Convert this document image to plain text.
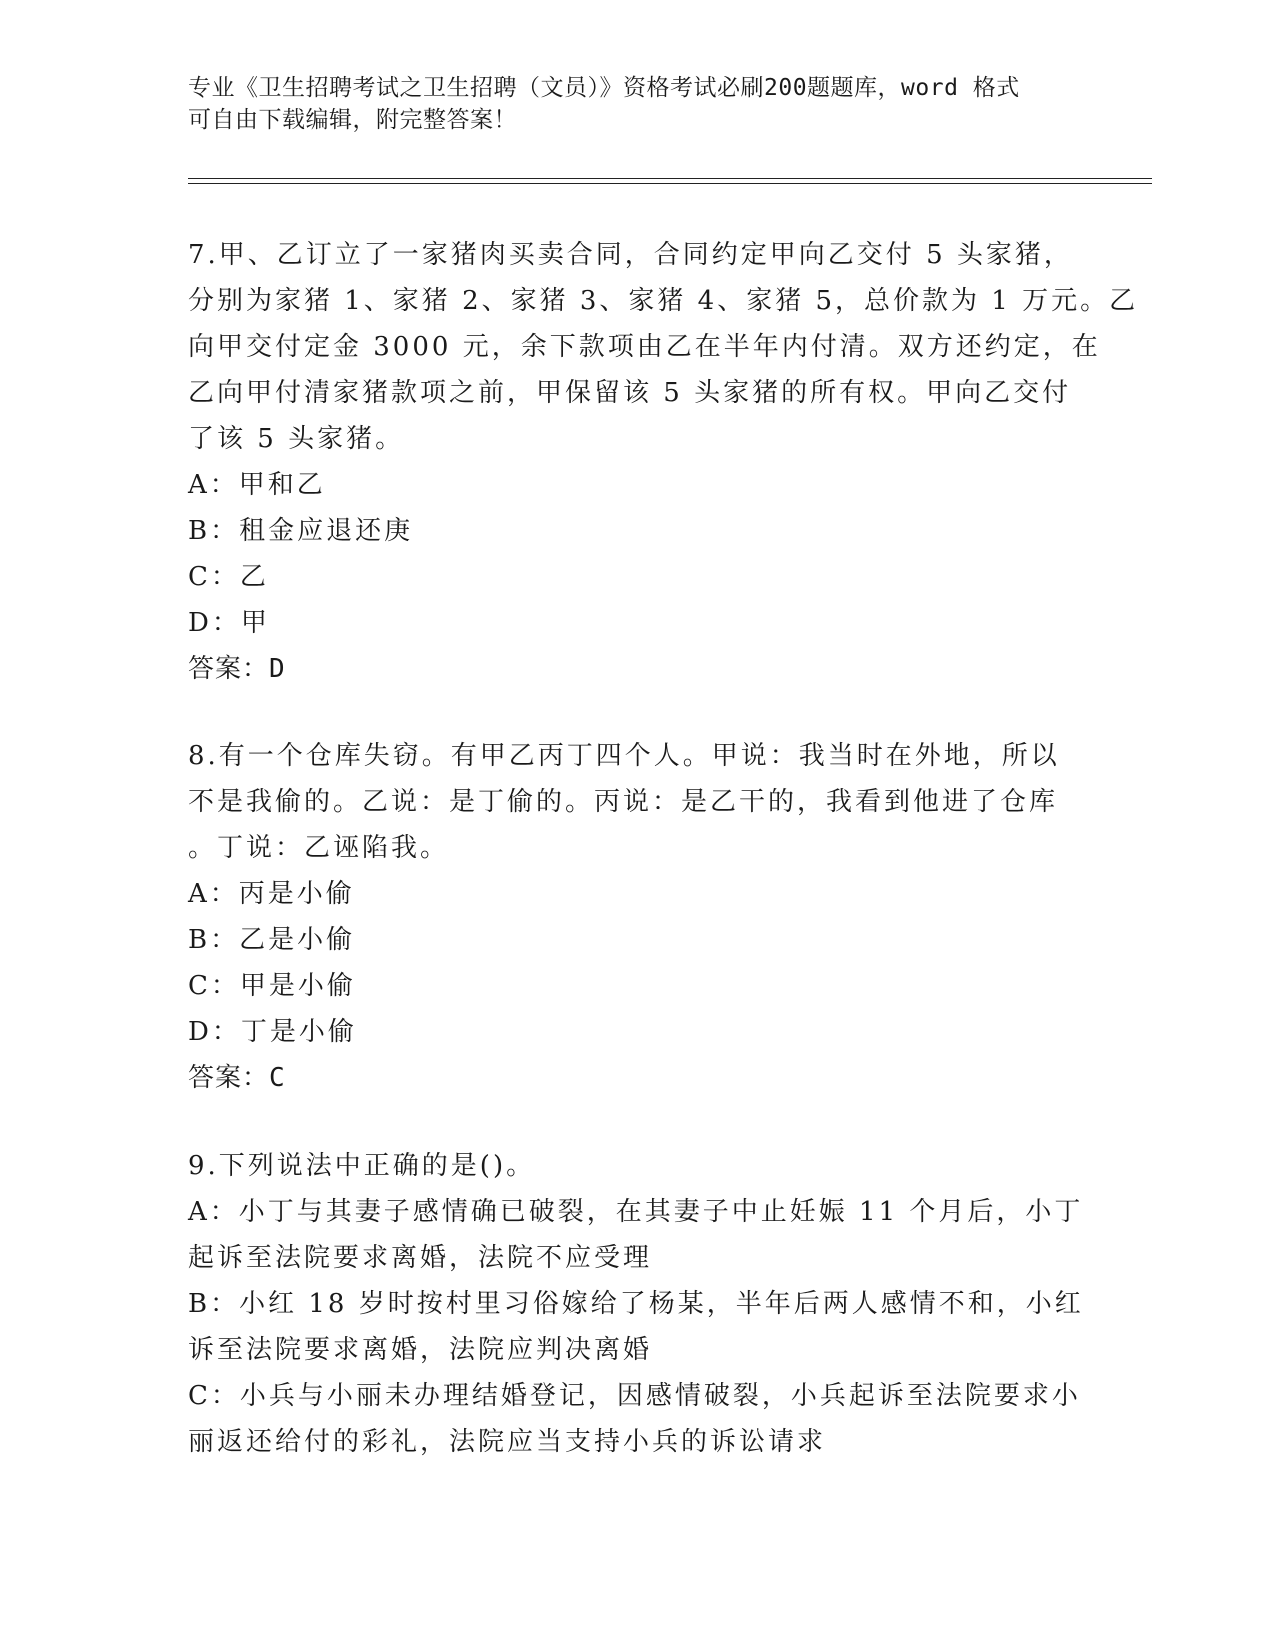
专业《卫生招聘考试之卫生招聘（文员）》资格考试必刷200题题库，word 格式
可自由下载编辑，附完整答案！
7.甲、乙订立了一家猪肉买卖合同，合同约定甲向乙交付 5 头家猪，
分别为家猪 1、家猪 2、家猪 3、家猪 4、家猪 5，总价款为 1 万元。乙
向甲交付定金 3000 元，余下款项由乙在半年内付清。双方还约定，在
乙向甲付清家猪款项之前，甲保留该 5 头家猪的所有权。甲向乙交付
了该 5 头家猪。
A：甲和乙
B：租金应退还庚
C：乙
D：甲
答案：D
8.有一个仓库失窃。有甲乙丙丁四个人。甲说：我当时在外地，所以
不是我偷的。乙说：是丁偷的。丙说：是乙干的，我看到他进了仓库
。丁说：乙诬陷我。
A：丙是小偷
B：乙是小偷
C：甲是小偷
D：丁是小偷
答案：C
9.下列说法中正确的是()。
A：小丁与其妻子感情确已破裂，在其妻子中止妊娠 11 个月后，小丁
起诉至法院要求离婚，法院不应受理
B：小红 18 岁时按村里习俗嫁给了杨某，半年后两人感情不和，小红
诉至法院要求离婚，法院应判决离婚
C：小兵与小丽未办理结婚登记，因感情破裂，小兵起诉至法院要求小
丽返还给付的彩礼，法院应当支持小兵的诉讼请求
